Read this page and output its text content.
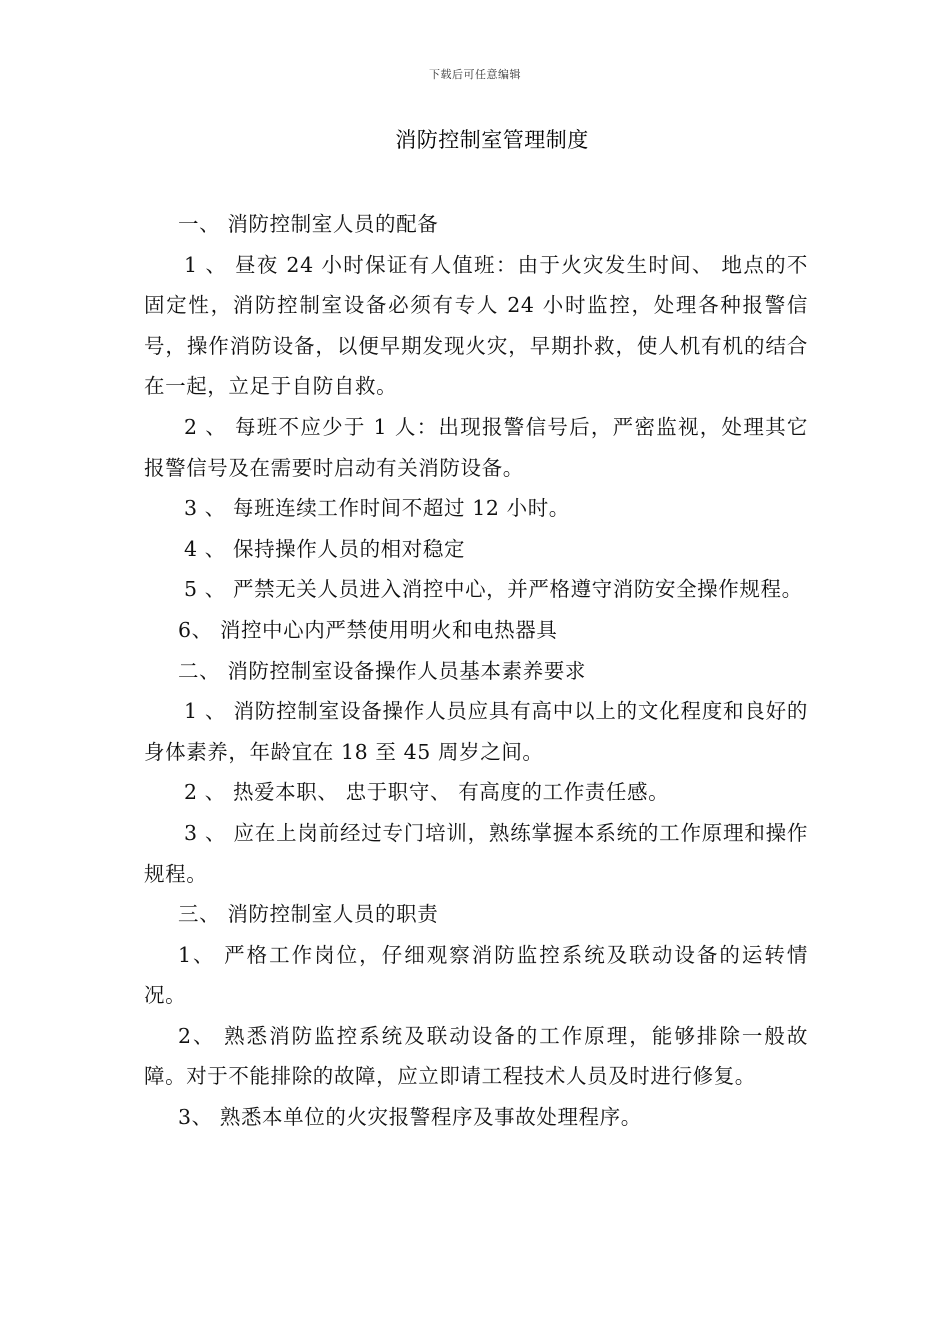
下载后可任意编辑
消防控制室管理制度

一、 消防控制室人员的配备

1 、 昼夜 24 小时保证有人值班：由于火灾发生时间、 地点的不固定性，消防控制室设备必须有专人 24 小时监控，处理各种报警信号，操作消防设备，以便早期发现火灾，早期扑救，使人机有机的结合在一起，立足于自防自救。

2 、 每班不应少于 1 人：出现报警信号后，严密监视，处理其它报警信号及在需要时启动有关消防设备。

3 、 每班连续工作时间不超过 12 小时。

4 、 保持操作人员的相对稳定

5 、 严禁无关人员进入消控中心，并严格遵守消防安全操作规程。

6、 消控中心内严禁使用明火和电热器具

二、 消防控制室设备操作人员基本素养要求

1 、 消防控制室设备操作人员应具有高中以上的文化程度和良好的身体素养，年龄宜在 18 至 45 周岁之间。

2 、 热爱本职、 忠于职守、 有高度的工作责任感。

3 、 应在上岗前经过专门培训，熟练掌握本系统的工作原理和操作规程。

三、 消防控制室人员的职责

1、 严格工作岗位，仔细观察消防监控系统及联动设备的运转情况。

2、 熟悉消防监控系统及联动设备的工作原理，能够排除一般故障。对于不能排除的故障，应立即请工程技术人员及时进行修复。

3、 熟悉本单位的火灾报警程序及事故处理程序。
